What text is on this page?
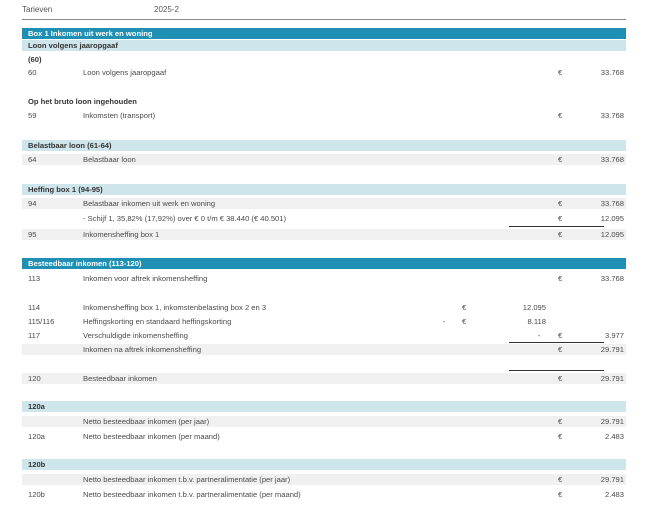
Tarieven	2025-2
Box 1 Inkomen uit werk en woning
Loon volgens jaaropgaaf
(60)
60	Loon volgens jaaropgaaf	€	33.768
Op het bruto loon ingehouden
59	Inkomsten (transport)	€	33.768
Belastbaar loon (61-64)
64	Belastbaar loon	€	33.768
Heffing box 1 (94-95)
94	Belastbaar inkomen uit werk en woning	€	33.768
- Schijf 1, 35,82% (17,92%) over € 0 t/m € 38.440 (€ 40.501)	€	12.095
95	Inkomensheffing box 1	€	12.095
Besteedbaar inkomen (113-120)
113	Inkomen voor aftrek inkomensheffing	€	33.768
114	Inkomensheffing box 1, inkomstenbelasting box 2 en 3	€	12.095
115/116	Heffingskorting en standaard heffingskorting	- €	8.118
117	Verschuldigde inkomensheffing	- €	3.977
Inkomen na aftrek inkomensheffing	€	29.791
120	Besteedbaar inkomen	€	29.791
120a
Netto besteedbaar inkomen (per jaar)	€	29.791
120a	Netto besteedbaar inkomen (per maand)	€	2.483
120b
Netto besteedbaar inkomen t.b.v. partneralimentatie (per jaar)	€	29.791
120b	Netto besteedbaar inkomen t.b.v. partneralimentatie (per maand)	€	2.483
